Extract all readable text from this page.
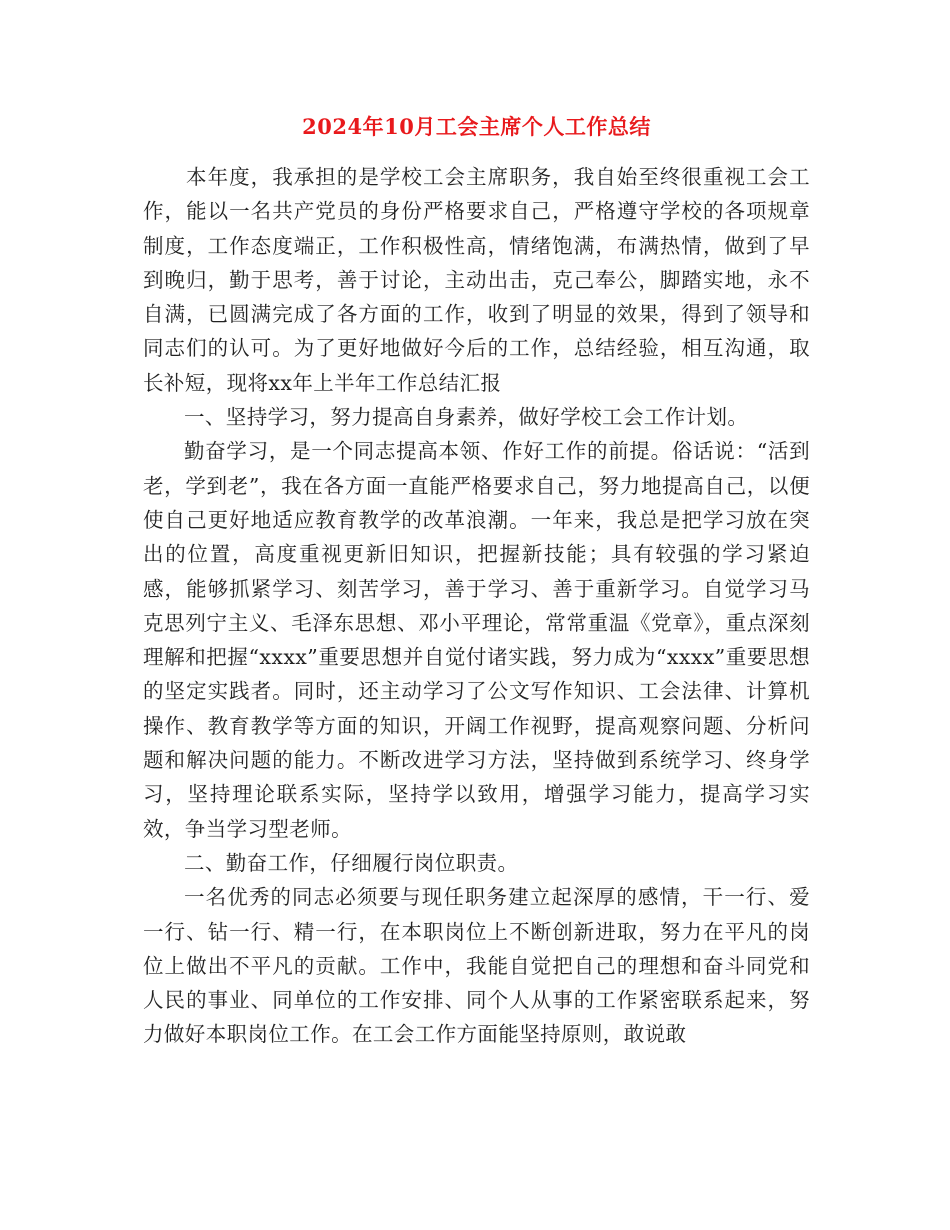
2024年10月工会主席个人工作总结

本年度，我承担的是学校工会主席职务，我自始至终很重视工会工作，能以一名共产党员的身份严格要求自己，严格遵守学校的各项规章制度，工作态度端正，工作积极性高，情绪饱满，布满热情，做到了早到晚归，勤于思考，善于讨论，主动出击，克己奉公，脚踏实地，永不自满，已圆满完成了各方面的工作，收到了明显的效果，得到了领导和同志们的认可。为了更好地做好今后的工作，总结经验，相互沟通，取长补短，现将xx年上半年工作总结汇报

一、坚持学习，努力提高自身素养，做好学校工会工作计划。

勤奋学习，是一个同志提高本领、作好工作的前提。俗话说：“活到老，学到老”，我在各方面一直能严格要求自己，努力地提高自己，以便使自己更好地适应教育教学的改革浪潮。一年来，我总是把学习放在突出的位置，高度重视更新旧知识，把握新技能；具有较强的学习紧迫感，能够抓紧学习、刻苦学习，善于学习、善于重新学习。自觉学习马克思列宁主义、毛泽东思想、邓小平理论，常常重温《党章》，重点深刻理解和把握“xxxx”重要思想并自觉付诸实践，努力成为“xxxx”重要思想的坚定实践者。同时，还主动学习了公文写作知识、工会法律、计算机操作、教育教学等方面的知识，开阔工作视野，提高观察问题、分析问题和解决问题的能力。不断改进学习方法，坚持做到系统学习、终身学习，坚持理论联系实际，坚持学以致用，增强学习能力，提高学习实效，争当学习型老师。

二、勤奋工作，仔细履行岗位职责。

一名优秀的同志必须要与现任职务建立起深厚的感情，干一行、爱一行、钻一行、精一行，在本职岗位上不断创新进取，努力在平凡的岗位上做出不平凡的贡献。工作中，我能自觉把自己的理想和奋斗同党和人民的事业、同单位的工作安排、同个人从事的工作紧密联系起来，努力做好本职岗位工作。在工会工作方面能坚持原则，敢说敢
